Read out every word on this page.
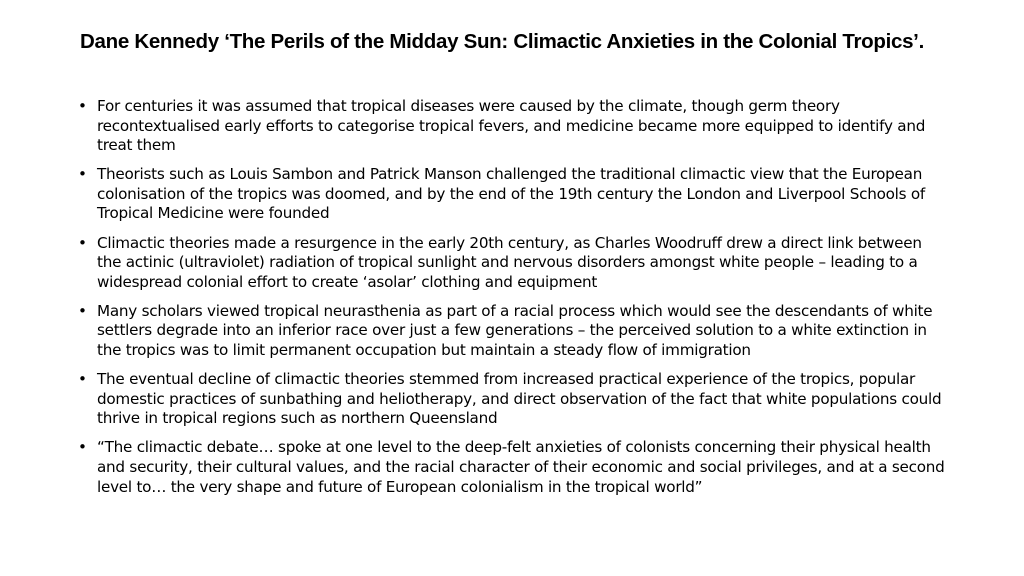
Dane Kennedy ‘The Perils of the Midday Sun: Climactic Anxieties in the Colonial Tropics’.
• For centuries it was assumed that tropical diseases were caused by the climate, though germ theory recontextualised early efforts to categorise tropical fevers, and medicine became more equipped to identify and treat them
• Theorists such as Louis Sambon and Patrick Manson challenged the traditional climactic view that the European colonisation of the tropics was doomed, and by the end of the 19th century the London and Liverpool Schools of Tropical Medicine were founded
• Climactic theories made a resurgence in the early 20th century, as Charles Woodruff drew a direct link between the actinic (ultraviolet) radiation of tropical sunlight and nervous disorders amongst white people – leading to a widespread colonial effort to create ‘asolar’ clothing and equipment
• Many scholars viewed tropical neurasthenia as part of a racial process which would see the descendants of white settlers degrade into an inferior race over just a few generations – the perceived solution to a white extinction in the tropics was to limit permanent occupation but maintain a steady flow of immigration
• The eventual decline of climactic theories stemmed from increased practical experience of the tropics, popular domestic practices of sunbathing and heliotherapy, and direct observation of the fact that white populations could thrive in tropical regions such as northern Queensland
• “The climactic debate… spoke at one level to the deep-felt anxieties of colonists concerning their physical health and security, their cultural values, and the racial character of their economic and social privileges, and at a second level to… the very shape and future of European colonialism in the tropical world”
